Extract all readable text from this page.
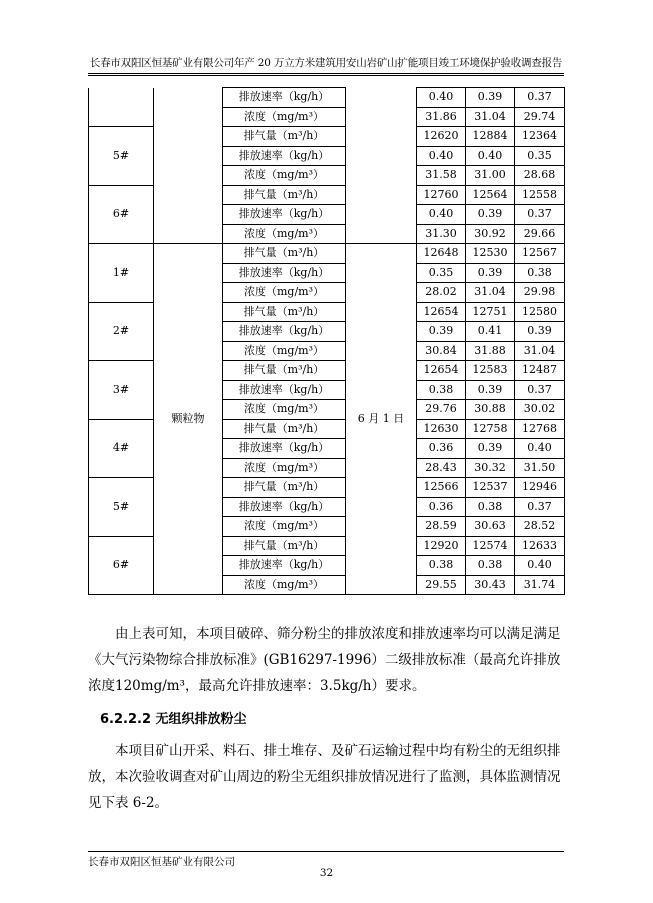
长春市双阳区恒基矿业有限公司年产 20 万立方米建筑用安山岩矿山扩能项目竣工环境保护验收调查报告
		排放速率（kg/h）		0.40	0.39	0.37
		浓度（mg/m³）		31.86	31.04	29.74
5#		排气量（m³/h）		12620	12884	12364
		排放速率（kg/h）		0.40	0.40	0.35
		浓度（mg/m³）		31.58	31.00	28.68
6#		排气量（m³/h）		12760	12564	12558
		排放速率（kg/h）		0.40	0.39	0.37
		浓度（mg/m³）		31.30	30.92	29.66
1#	颗粒物	排气量（m³/h）	6 月 1 日	12648	12530	12567
		排放速率（kg/h）		0.35	0.39	0.38
		浓度（mg/m³）		28.02	31.04	29.98
2#		排气量（m³/h）		12654	12751	12580
		排放速率（kg/h）		0.39	0.41	0.39
		浓度（mg/m³）		30.84	31.88	31.04
3#		排气量（m³/h）		12654	12583	12487
		排放速率（kg/h）		0.38	0.39	0.37
		浓度（mg/m³）		29.76	30.88	30.02
4#		排气量（m³/h）		12630	12758	12768
		排放速率（kg/h）		0.36	0.39	0.40
		浓度（mg/m³）		28.43	30.32	31.50
5#		排气量（m³/h）		12566	12537	12946
		排放速率（kg/h）		0.36	0.38	0.37
		浓度（mg/m³）		28.59	30.63	28.52
6#		排气量（m³/h）		12920	12574	12633
		排放速率（kg/h）		0.38	0.38	0.40
		浓度（mg/m³）		29.55	30.43	31.74
由上表可知，本项目破碎、筛分粉尘的排放浓度和排放速率均可以满足满足《大气污染物综合排放标准》(GB16297-1996）二级排放标准（最高允许排放浓度120mg/m³，最高允许排放速率：3.5kg/h）要求。
6.2.2.2 无组织排放粉尘
本项目矿山开采、料石、排土堆存、及矿石运输过程中均有粉尘的无组织排放，本次验收调查对矿山周边的粉尘无组织排放情况进行了监测，具体监测情况见下表 6-2。
长春市双阳区恒基矿业有限公司
32
